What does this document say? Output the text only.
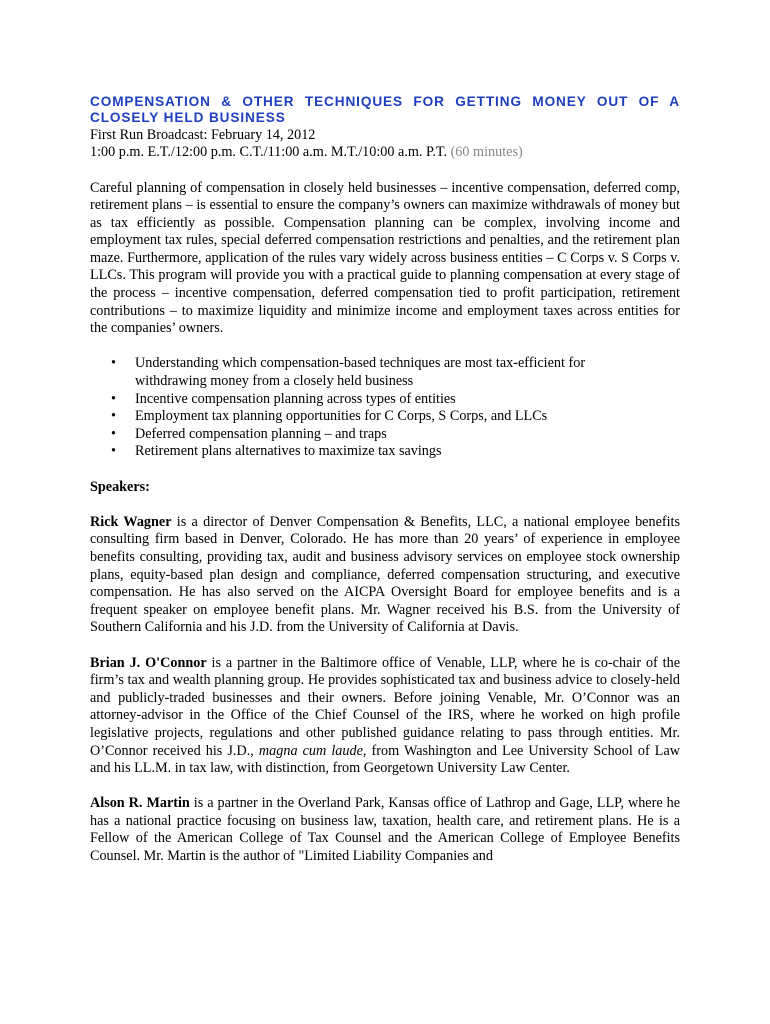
COMPENSATION & OTHER TECHNIQUES FOR GETTING MONEY OUT OF A CLOSELY HELD BUSINESS

First Run Broadcast: February 14, 2012

1:00 p.m. E.T./12:00 p.m. C.T./11:00 a.m. M.T./10:00 a.m. P.T. (60 minutes)

Careful planning of compensation in closely held businesses – incentive compensation, deferred comp, retirement plans – is essential to ensure the company’s owners can maximize withdrawals of money but as tax efficiently as possible. Compensation planning can be complex, involving income and employment tax rules, special deferred compensation restrictions and penalties, and the retirement plan maze. Furthermore, application of the rules vary widely across business entities – C Corps v. S Corps v. LLCs. This program will provide you with a practical guide to planning compensation at every stage of the process – incentive compensation, deferred compensation tied to profit participation, retirement contributions – to maximize liquidity and minimize income and employment taxes across entities for the companies’ owners.

• Understanding which compensation-based techniques are most tax-efficient for withdrawing money from a closely held business
• Incentive compensation planning across types of entities
• Employment tax planning opportunities for C Corps, S Corps, and LLCs
• Deferred compensation planning – and traps
• Retirement plans alternatives to maximize tax savings

Speakers:

Rick Wagner is a director of Denver Compensation & Benefits, LLC, a national employee benefits consulting firm based in Denver, Colorado. He has more than 20 years’ of experience in employee benefits consulting, providing tax, audit and business advisory services on employee stock ownership plans, equity-based plan design and compliance, deferred compensation structuring, and executive compensation. He has also served on the AICPA Oversight Board for employee benefits and is a frequent speaker on employee benefit plans. Mr. Wagner received his B.S. from the University of Southern California and his J.D. from the University of California at Davis.

Brian J. O'Connor is a partner in the Baltimore office of Venable, LLP, where he is co-chair of the firm’s tax and wealth planning group. He provides sophisticated tax and business advice to closely-held and publicly-traded businesses and their owners. Before joining Venable, Mr. O’Connor was an attorney-advisor in the Office of the Chief Counsel of the IRS, where he worked on high profile legislative projects, regulations and other published guidance relating to pass through entities. Mr. O’Connor received his J.D., magna cum laude, from Washington and Lee University School of Law and his LL.M. in tax law, with distinction, from Georgetown University Law Center.

Alson R. Martin is a partner in the Overland Park, Kansas office of Lathrop and Gage, LLP, where he has a national practice focusing on business law, taxation, health care, and retirement plans. He is a Fellow of the American College of Tax Counsel and the American College of Employee Benefits Counsel. Mr. Martin is the author of "Limited Liability Companies and
